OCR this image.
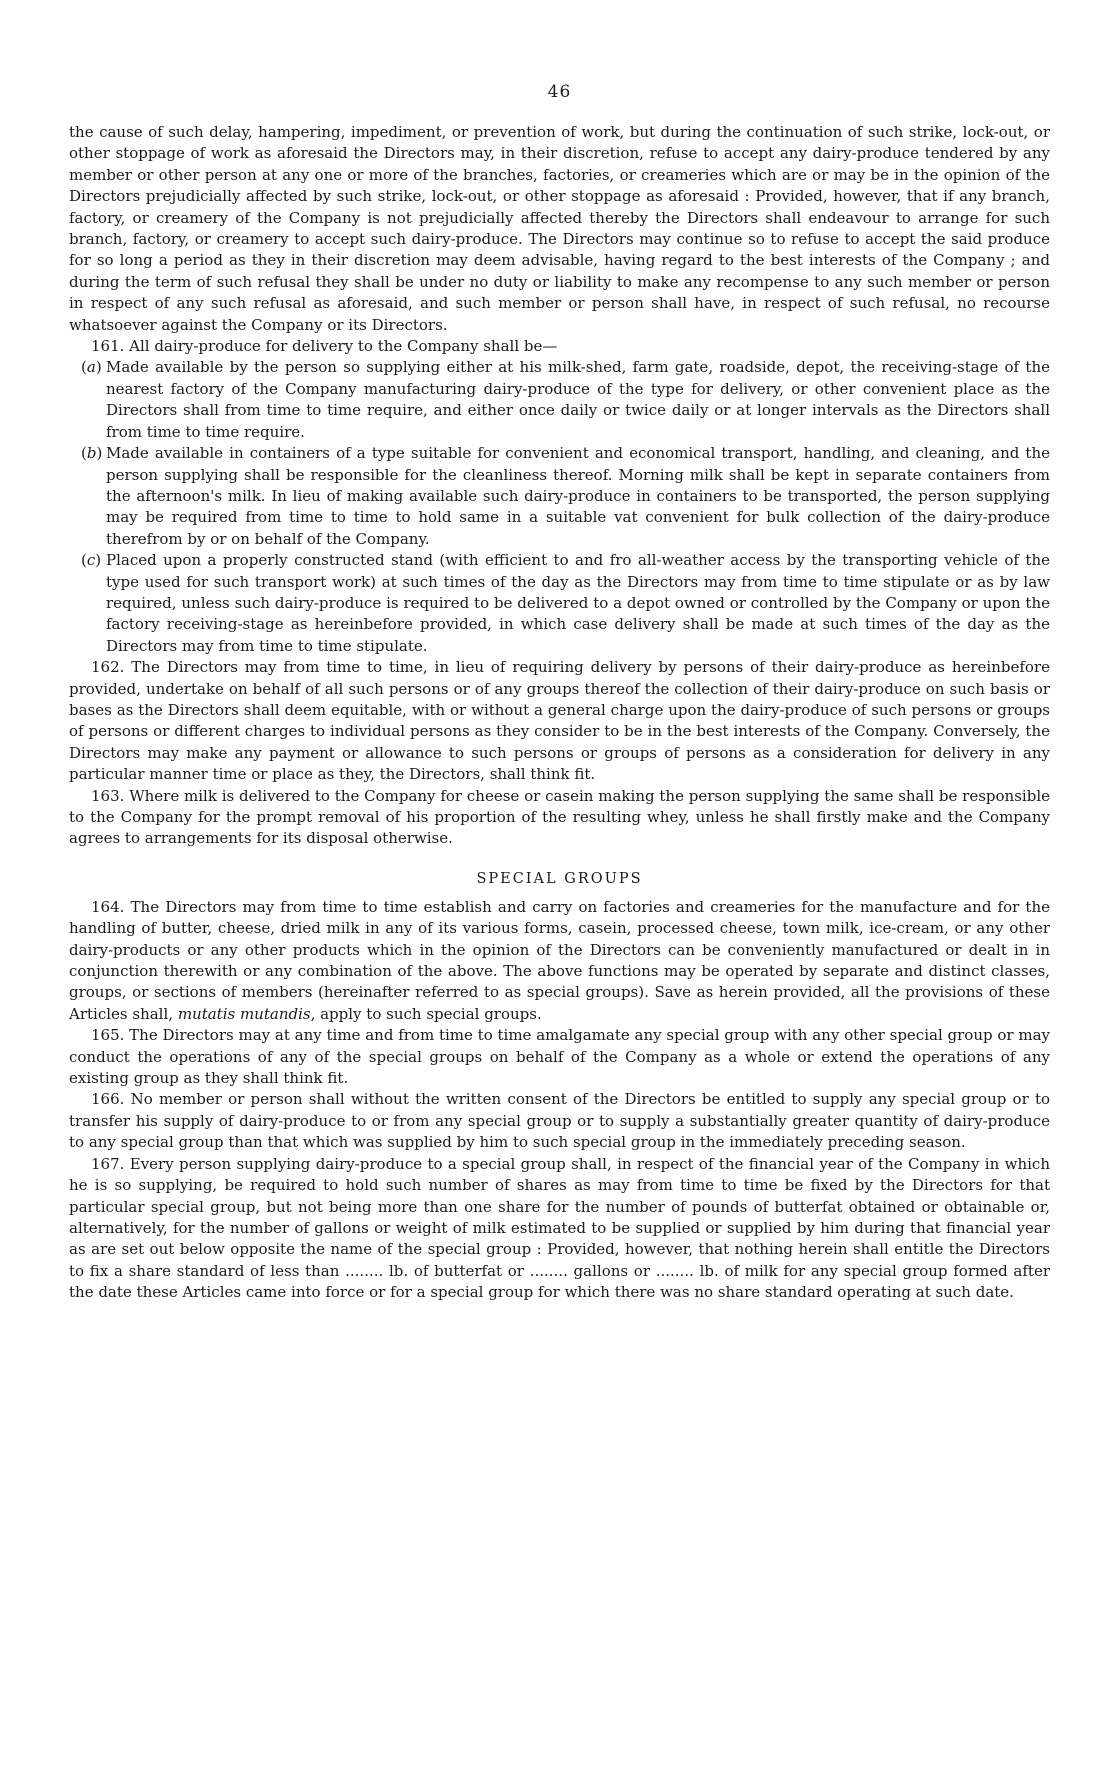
46

the cause of such delay, hampering, impediment, or prevention of work, but during the continuation of such strike, lock-out, or other stoppage of work as aforesaid the Directors may, in their discretion, refuse to accept any dairy-produce tendered by any member or other person at any one or more of the branches, factories, or creameries which are or may be in the opinion of the Directors prejudicially affected by such strike, lock-out, or other stoppage as aforesaid : Provided, however, that if any branch, factory, or creamery of the Company is not prejudicially affected thereby the Directors shall endeavour to arrange for such branch, factory, or creamery to accept such dairy-produce. The Directors may continue so to refuse to accept the said produce for so long a period as they in their discretion may deem advisable, having regard to the best interests of the Company ; and during the term of such refusal they shall be under no duty or liability to make any recompense to any such member or person in respect of any such refusal as aforesaid, and such member or person shall have, in respect of such refusal, no recourse whatsoever against the Company or its Directors.

161. All dairy-produce for delivery to the Company shall be—

(a) Made available by the person so supplying either at his milk-shed, farm gate, roadside, depot, the receiving-stage of the nearest factory of the Company manufacturing dairy-produce of the type for delivery, or other convenient place as the Directors shall from time to time require, and either once daily or twice daily or at longer intervals as the Directors shall from time to time require.
(b) Made available in containers of a type suitable for convenient and economical transport, handling, and cleaning, and the person supplying shall be responsible for the cleanliness thereof. Morning milk shall be kept in separate containers from the afternoon's milk. In lieu of making available such dairy-produce in containers to be transported, the person supplying may be required from time to time to hold same in a suitable vat convenient for bulk collection of the dairy-produce therefrom by or on behalf of the Company.
(c) Placed upon a properly constructed stand (with efficient to and fro all-weather access by the transporting vehicle of the type used for such transport work) at such times of the day as the Directors may from time to time stipulate or as by law required, unless such dairy-produce is required to be delivered to a depot owned or controlled by the Company or upon the factory receiving-stage as hereinbefore provided, in which case delivery shall be made at such times of the day as the Directors may from time to time stipulate.

162. The Directors may from time to time, in lieu of requiring delivery by persons of their dairy-produce as hereinbefore provided, undertake on behalf of all such persons or of any groups thereof the collection of their dairy-produce on such basis or bases as the Directors shall deem equitable, with or without a general charge upon the dairy-produce of such persons or groups of persons or different charges to individual persons as they consider to be in the best interests of the Company. Conversely, the Directors may make any payment or allowance to such persons or groups of persons as a consideration for delivery in any particular manner time or place as they, the Directors, shall think fit.

163. Where milk is delivered to the Company for cheese or casein making the person supplying the same shall be responsible to the Company for the prompt removal of his proportion of the resulting whey, unless he shall firstly make and the Company agrees to arrangements for its disposal otherwise.

SPECIAL GROUPS

164. The Directors may from time to time establish and carry on factories and creameries for the manufacture and for the handling of butter, cheese, dried milk in any of its various forms, casein, processed cheese, town milk, ice-cream, or any other dairy-products or any other products which in the opinion of the Directors can be conveniently manufactured or dealt in in conjunction therewith or any combination of the above. The above functions may be operated by separate and distinct classes, groups, or sections of members (hereinafter referred to as special groups). Save as herein provided, all the provisions of these Articles shall, mutatis mutandis, apply to such special groups.

165. The Directors may at any time and from time to time amalgamate any special group with any other special group or may conduct the operations of any of the special groups on behalf of the Company as a whole or extend the operations of any existing group as they shall think fit.

166. No member or person shall without the written consent of the Directors be entitled to supply any special group or to transfer his supply of dairy-produce to or from any special group or to supply a substantially greater quantity of dairy-produce to any special group than that which was supplied by him to such special group in the immediately preceding season.

167. Every person supplying dairy-produce to a special group shall, in respect of the financial year of the Company in which he is so supplying, be required to hold such number of shares as may from time to time be fixed by the Directors for that particular special group, but not being more than one share for the number of pounds of butterfat obtained or obtainable or, alternatively, for the number of gallons or weight of milk estimated to be supplied or supplied by him during that financial year as are set out below opposite the name of the special group : Provided, however, that nothing herein shall entitle the Directors to fix a share standard of less than ........ lb. of butterfat or ........ gallons or ........ lb. of milk for any special group formed after the date these Articles came into force or for a special group for which there was no share standard operating at such date.
